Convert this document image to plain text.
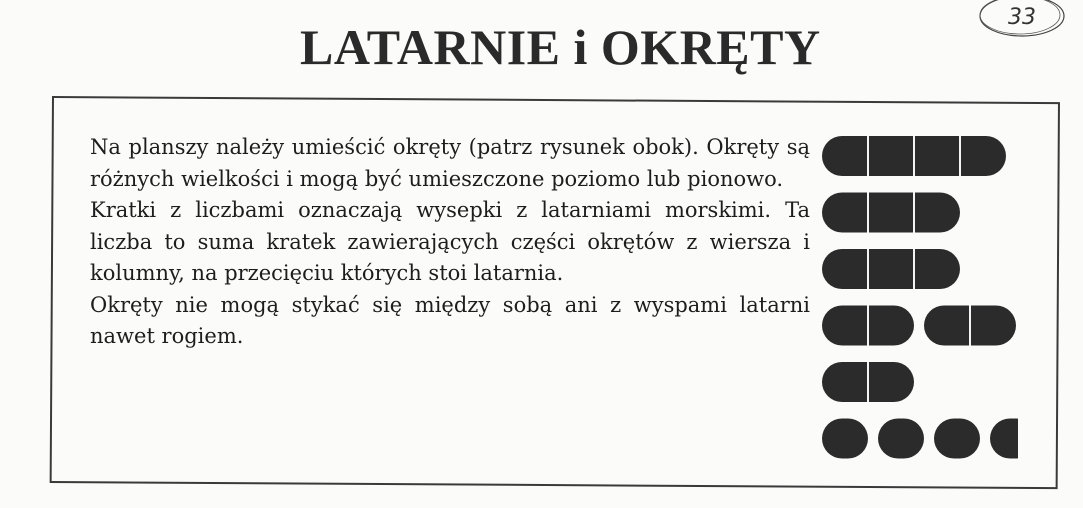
LATARNIE i OKRĘTY
33

Na planszy należy umieścić okręty (patrz rysunek obok). Okręty są różnych wielkości i mogą być umieszczone poziomo lub pionowo.

Kratki z liczbami oznaczają wysepki z latarniami morskimi. Ta liczba to suma kratek zawierających części okrętów z wiersza i kolumny, na przecięciu których stoi latarnia.

Okręty nie mogą stykać się między sobą ani z wyspami latarni nawet rogiem.
